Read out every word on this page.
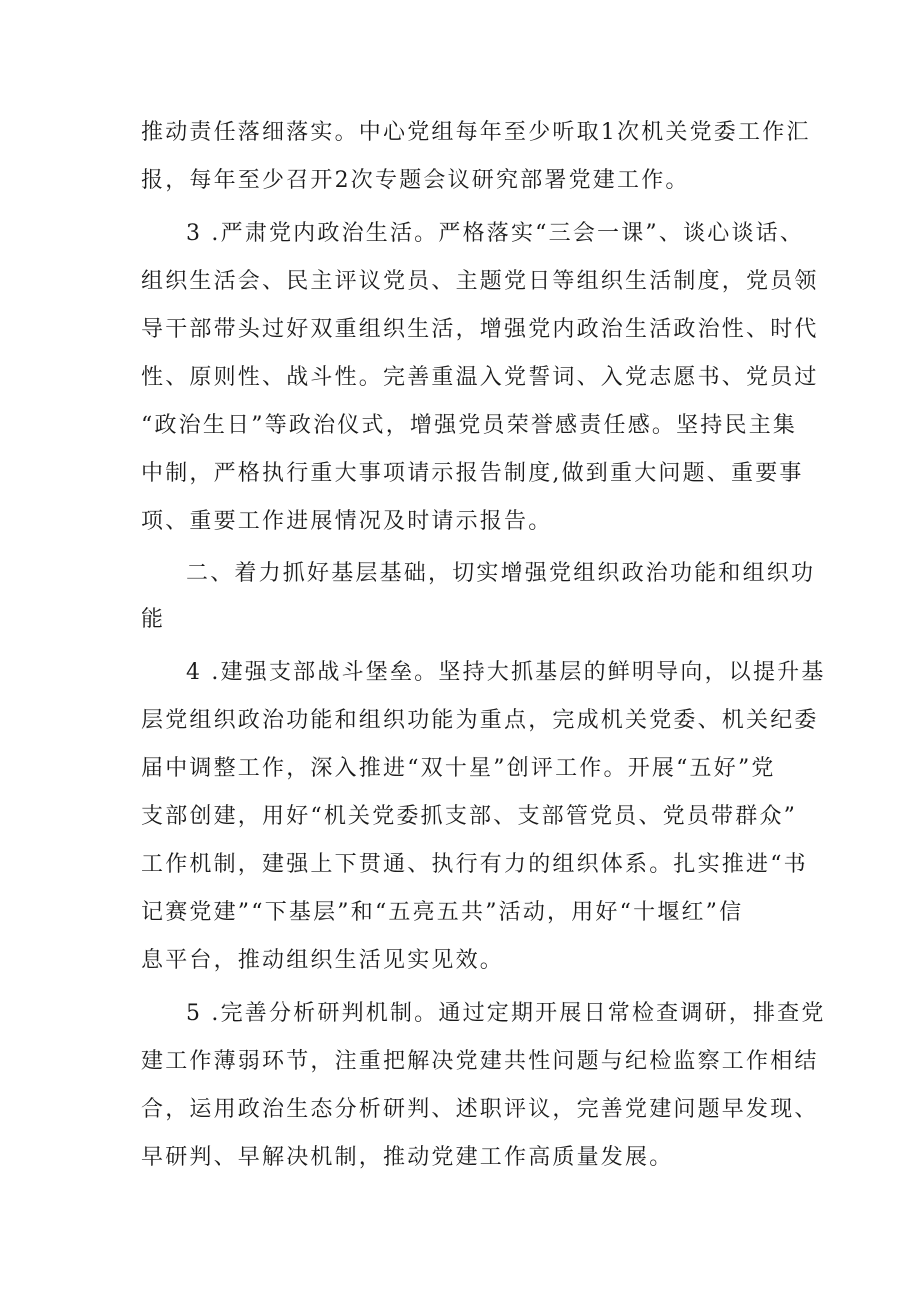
推动责任落细落实。中心党组每年至少听取1次机关党委工作汇
报，每年至少召开2次专题会议研究部署党建工作。
3 .严肃党内政治生活。严格落实“三会一课”、谈心谈话、
组织生活会、民主评议党员、主题党日等组织生活制度，党员领
导干部带头过好双重组织生活，增强党内政治生活政治性、时代
性、原则性、战斗性。完善重温入党誓词、入党志愿书、党员过
“政治生日”等政治仪式，增强党员荣誉感责任感。坚持民主集
中制，严格执行重大事项请示报告制度,做到重大问题、重要事
项、重要工作进展情况及时请示报告。
二、着力抓好基层基础，切实增强党组织政治功能和组织功
能
4 .建强支部战斗堡垒。坚持大抓基层的鲜明导向，以提升基
层党组织政治功能和组织功能为重点，完成机关党委、机关纪委
届中调整工作，深入推进“双十星”创评工作。开展“五好”党
支部创建，用好“机关党委抓支部、支部管党员、党员带群众”
工作机制，建强上下贯通、执行有力的组织体系。扎实推进“书
记赛党建”“下基层”和“五亮五共”活动，用好“十堰红”信
息平台，推动组织生活见实见效。
5 .完善分析研判机制。通过定期开展日常检查调研，排查党
建工作薄弱环节，注重把解决党建共性问题与纪检监察工作相结
合，运用政治生态分析研判、述职评议，完善党建问题早发现、
早研判、早解决机制，推动党建工作高质量发展。
